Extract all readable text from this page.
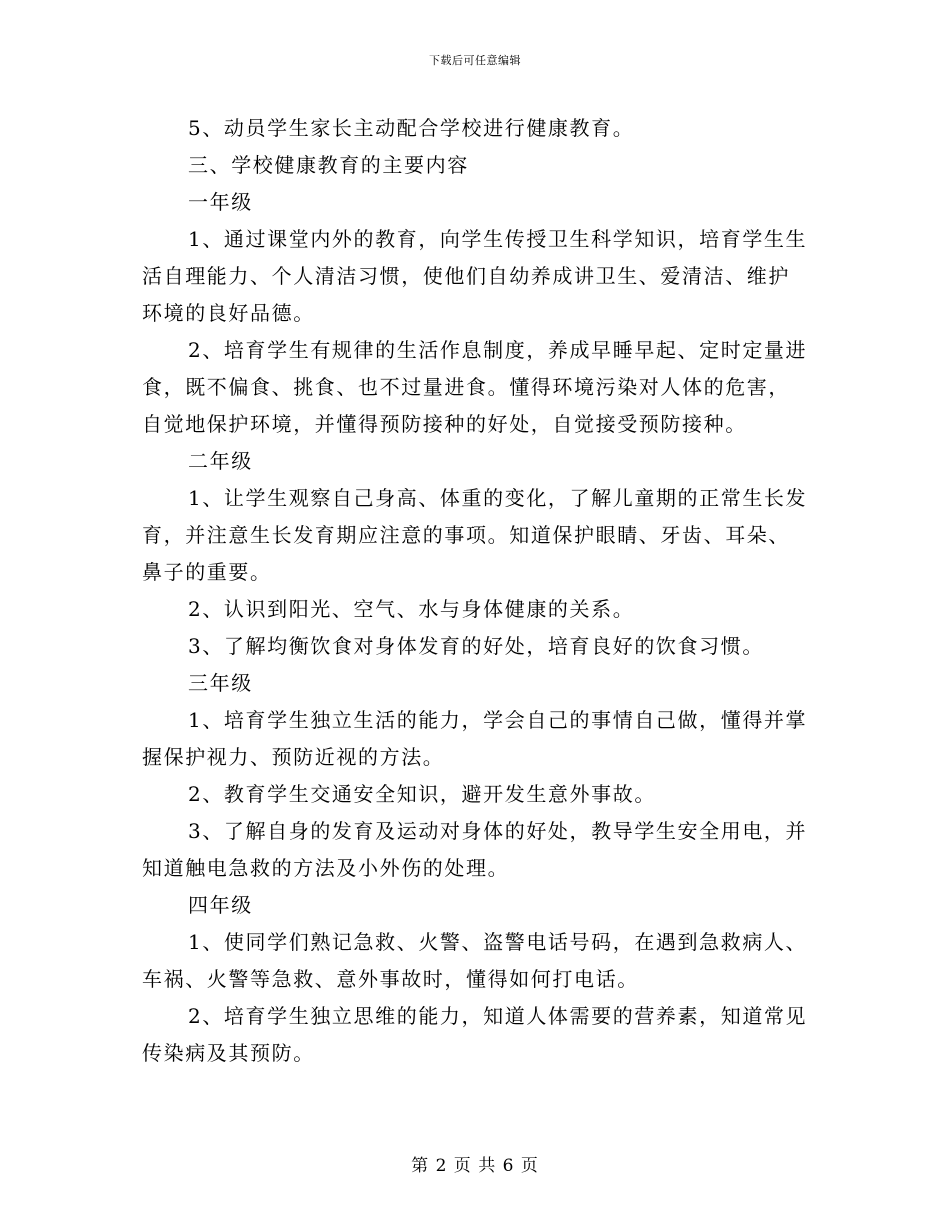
下载后可任意编辑
5、动员学生家长主动配合学校进行健康教育。
三、学校健康教育的主要内容
一年级
1、通过课堂内外的教育，向学生传授卫生科学知识，培育学生生
活自理能力、个人清洁习惯，使他们自幼养成讲卫生、爱清洁、维护
环境的良好品德。
2、培育学生有规律的生活作息制度，养成早睡早起、定时定量进
食，既不偏食、挑食、也不过量进食。懂得环境污染对人体的危害，
自觉地保护环境，并懂得预防接种的好处，自觉接受预防接种。
二年级
1、让学生观察自己身高、体重的变化，了解儿童期的正常生长发
育，并注意生长发育期应注意的事项。知道保护眼睛、牙齿、耳朵、
鼻子的重要。
2、认识到阳光、空气、水与身体健康的关系。
3、了解均衡饮食对身体发育的好处，培育良好的饮食习惯。
三年级
1、培育学生独立生活的能力，学会自己的事情自己做，懂得并掌
握保护视力、预防近视的方法。
2、教育学生交通安全知识，避开发生意外事故。
3、了解自身的发育及运动对身体的好处，教导学生安全用电，并
知道触电急救的方法及小外伤的处理。
四年级
1、使同学们熟记急救、火警、盗警电话号码，在遇到急救病人、
车祸、火警等急救、意外事故时，懂得如何打电话。
2、培育学生独立思维的能力，知道人体需要的营养素，知道常见
传染病及其预防。
第 2 页 共 6 页
